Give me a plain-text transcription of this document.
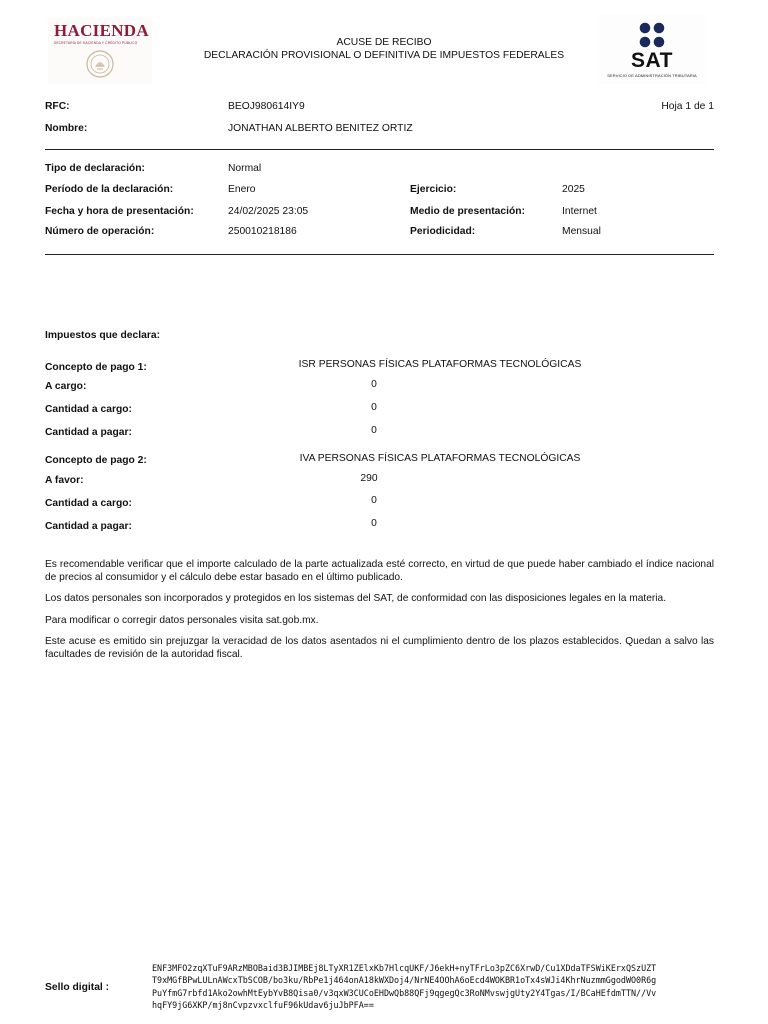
HACIENDA
SECRETARÍA DE HACIENDA Y CRÉDITO PÚBLICO	ACUSE DE RECIBO
DECLARACIÓN PROVISIONAL O DEFINITIVA DE IMPUESTOS FEDERALES	SAT
SERVICIO DE ADMINISTRACIÓN TRIBUTARIA
RFC:	BEOJ980614IY9	Hoja 1 de 1
Nombre:	JONATHAN ALBERTO BENITEZ ORTIZ
Tipo de declaración:	Normal
Período de la declaración:	Enero	Ejercicio:	2025
Fecha y hora de presentación:	24/02/2025 23:05	Medio de presentación:	Internet
Número de operación:	250010218186	Periodicidad:	Mensual
Impuestos que declara:
Concepto de pago 1:	ISR PERSONAS FÍSICAS PLATAFORMAS TECNOLÓGICAS
A cargo:	0
Cantidad a cargo:	0
Cantidad a pagar:	0
Concepto de pago 2:	IVA PERSONAS FÍSICAS PLATAFORMAS TECNOLÓGICAS
A favor:	290
Cantidad a cargo:	0
Cantidad a pagar:	0
Es recomendable verificar que el importe calculado de la parte actualizada esté correcto, en virtud de que puede haber cambiado el índice nacional de precios al consumidor y el cálculo debe estar basado en el último publicado.
Los datos personales son incorporados y protegidos en los sistemas del SAT, de conformidad con las disposiciones legales en la materia.
Para modificar o corregir datos personales visita sat.gob.mx.
Este acuse es emitido sin prejuzgar la veracidad de los datos asentados ni el cumplimiento dentro de los plazos establecidos. Quedan a salvo las facultades de revisión de la autoridad fiscal.
Sello digital :
ENF3MFO2zqXTuF9ARzMBOBaid3BJIMBEj8LTyXR1ZElxKb7HlcqUKF/J6ekH+nyTFrLo3pZC6XrwD/Cu1XDdaTFSWiKErxQSzUZT
T9xMGfBPwLULnAWcxTbSCOB/bo3ku/RbPe1j464onA18kWXDoj4/NrNE4OOhA6oEcd4WOKBR1oTx4sWJi4KhrNuzmmGgodWO0R6g
PuYfmG7rbfd1Ako2owhMtEybYvB8Qisa0/v3qxW3CUCoEHDwQb88QFj9qgegQc3RoNMvswjgUty2Y4Tgas/I/BCaHEfdmTTN//Vv
hqFY9jG6XKP/mj8nCvpzvxclfuF96kUdav6juJbPFA==
